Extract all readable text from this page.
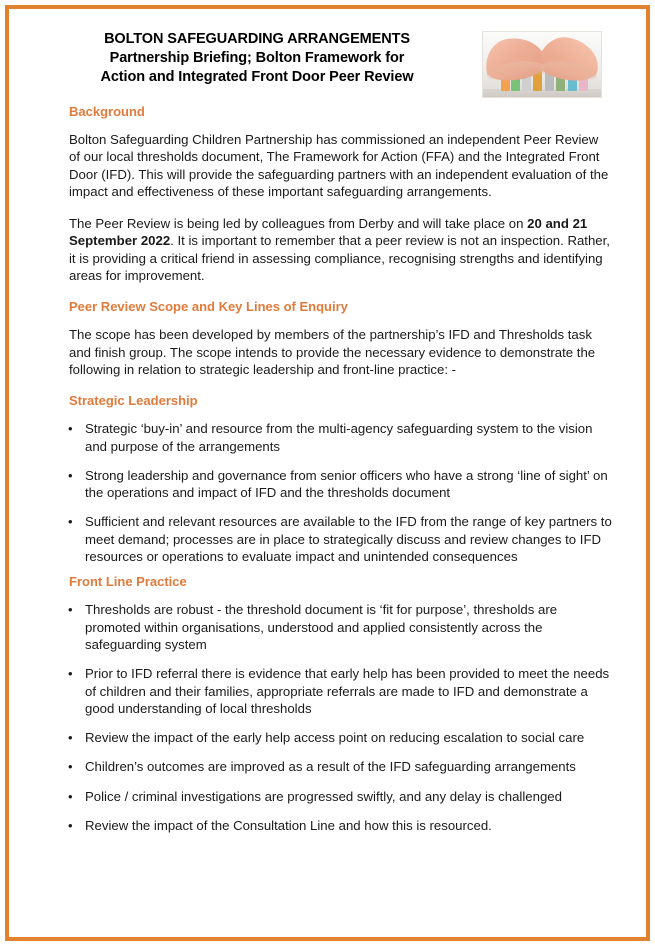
BOLTON SAFEGUARDING ARRANGEMENTS
Partnership Briefing; Bolton Framework for
Action and Integrated Front Door Peer Review
Background

Bolton Safeguarding Children Partnership has commissioned an independent Peer Review of our local thresholds document, The Framework for Action (FFA) and the Integrated Front Door (IFD). This will provide the safeguarding partners with an independent evaluation of the impact and effectiveness of these important safeguarding arrangements.

The Peer Review is being led by colleagues from Derby and will take place on 20 and 21 September 2022. It is important to remember that a peer review is not an inspection. Rather, it is providing a critical friend in assessing compliance, recognising strengths and identifying areas for improvement.

Peer Review Scope and Key Lines of Enquiry

The scope has been developed by members of the partnership’s IFD and Thresholds task and finish group. The scope intends to provide the necessary evidence to demonstrate the following in relation to strategic leadership and front-line practice: -

Strategic Leadership
• Strategic ‘buy-in’ and resource from the multi-agency safeguarding system to the vision and purpose of the arrangements
• Strong leadership and governance from senior officers who have a strong ‘line of sight’ on the operations and impact of IFD and the thresholds document
• Sufficient and relevant resources are available to the IFD from the range of key partners to meet demand; processes are in place to strategically discuss and review changes to IFD resources or operations to evaluate impact and unintended consequences
Front Line Practice
• Thresholds are robust - the threshold document is ‘fit for purpose’, thresholds are promoted within organisations, understood and applied consistently across the safeguarding system
• Prior to IFD referral there is evidence that early help has been provided to meet the needs of children and their families, appropriate referrals are made to IFD and demonstrate a good understanding of local thresholds
• Review the impact of the early help access point on reducing escalation to social care
• Children’s outcomes are improved as a result of the IFD safeguarding arrangements
• Police / criminal investigations are progressed swiftly, and any delay is challenged
• Review the impact of the Consultation Line and how this is resourced.
